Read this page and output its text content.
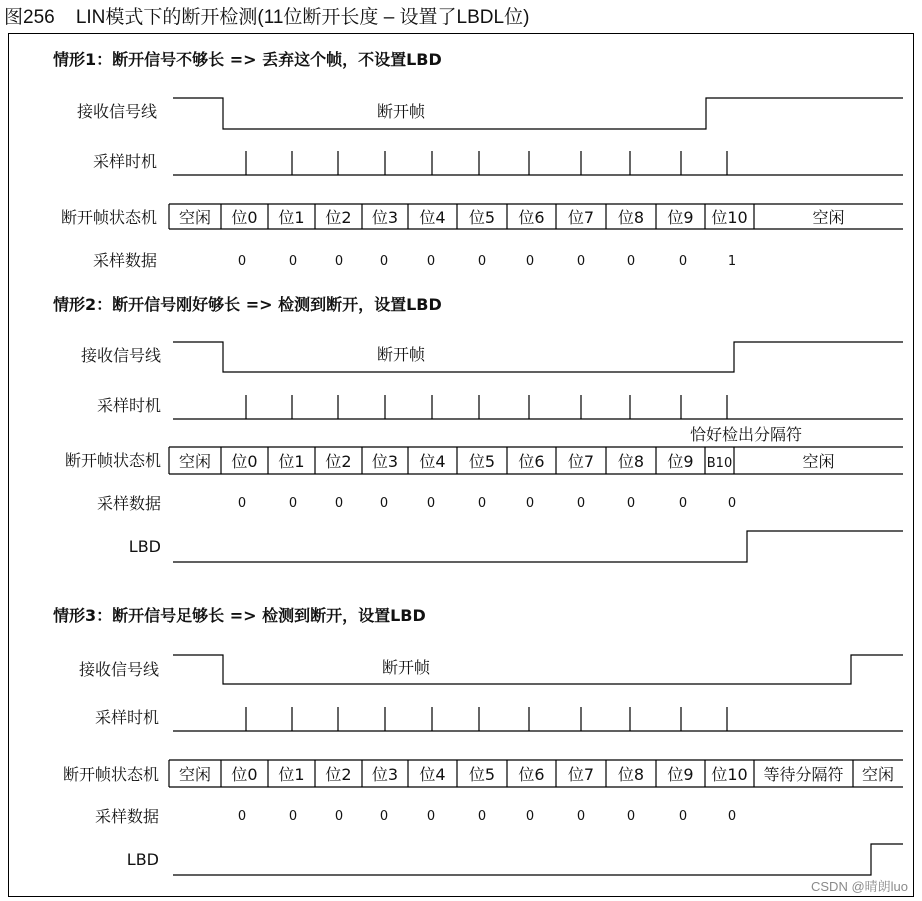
图256    LIN模式下的断开检测(11位断开长度 – 设置了LBDL位)
情形1：断开信号不够长 => 丢弃这个帧，不设置LBD
接收信号线
采样时机
断开帧状态机
采样数据
断开帧
空闲 位0 位1 位2 位3 位4 位5 位6 位7 位8 位9 位10	空闲
0	0	0	0	0	0	0	0	0	0	1
情形2：断开信号刚好够长 => 检测到断开，设置LBD
接收信号线
采样时机
断开帧状态机
采样数据
断开帧
空闲 位0 位1 位2 位3 位4 位5 位6 位7 位8 位9 B10	空闲
0	0	0	0	0	0	0	0	0	0	0
恰好检出分隔符
LBD
情形3：断开信号足够长 => 检测到断开，设置LBD
接收信号线
采样时机
断开帧状态机
采样数据
断开帧
空闲 位0 位1 位2 位3 位4 位5 位6 位7 位8 位9 位10 等待分隔符 空闲
0	0	0	0	0	0	0	0	0	0	0
LBD
CSDN @晴朗luo
